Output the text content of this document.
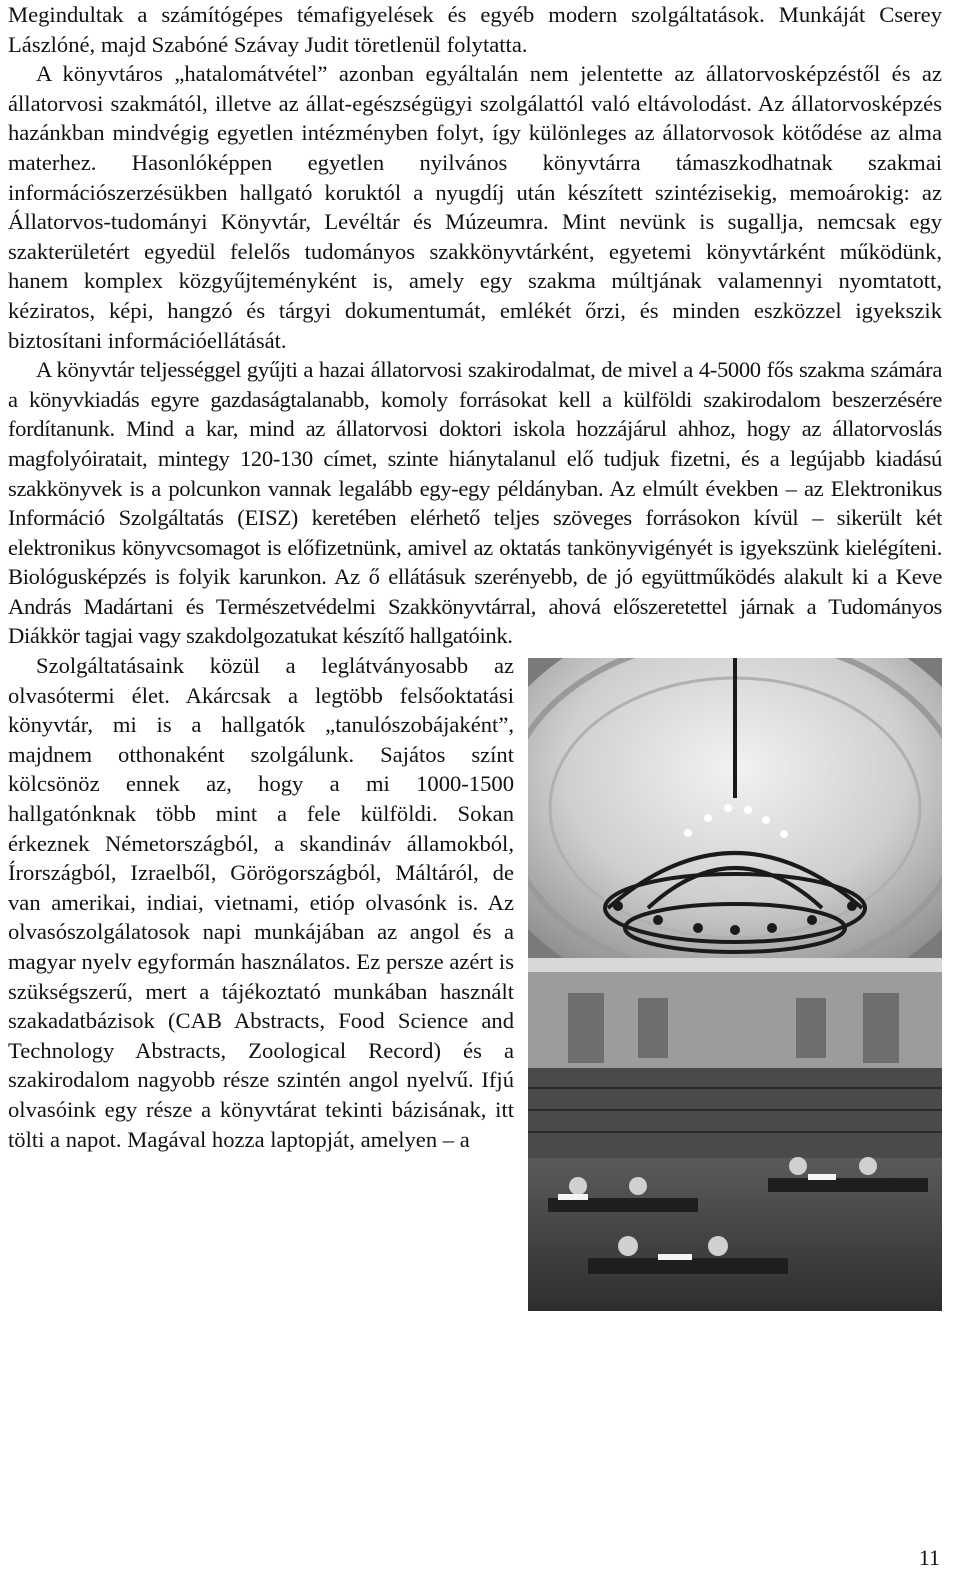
Megindultak a számítógépes témafigyelések és egyéb modern szolgáltatások. Munkáját Cserey Lászlóné, majd Szabóné Szávay Judit töretlenül folytatta.

A könyvtáros „hatalomátvétel” azonban egyáltalán nem jelentette az állatorvosképzéstől és az állatorvosi szakmától, illetve az állat-egészségügyi szolgálattól való eltávolodást. Az állatorvosképzés hazánkban mindvégig egyetlen intézményben folyt, így különleges az állatorvosok kötődése az alma materhez. Hasonlóképpen egyetlen nyilvános könyvtárra támaszkodhatnak szakmai információszerzésükben hallgató koruktól a nyugdíj után készített szintézisekig, memoárokig: az Állatorvos-tudományi Könyvtár, Levéltár és Múzeumra. Mint nevünk is sugallja, nemcsak egy szakterületért egyedül felelős tudományos szakkönyvtárként, egyetemi könyvtárként működünk, hanem komplex közgyűjteményként is, amely egy szakma múltjának valamennyi nyomtatott, kéziratos, képi, hangzó és tárgyi dokumentumát, emlékét őrzi, és minden eszközzel igyekszik biztosítani információellátását.

A könyvtár teljességgel gyűjti a hazai állatorvosi szakirodalmat, de mivel a 4-5000 fős szakma számára a könyvkiadás egyre gazdaságtalanabb, komoly forrásokat kell a külföldi szakirodalom beszerzésére fordítanunk. Mind a kar, mind az állatorvosi doktori iskola hozzájárul ahhoz, hogy az állatorvoslás magfolyóiratait, mintegy 120-130 címet, szinte hiánytalanul elő tudjuk fizetni, és a legújabb kiadású szakkönyvek is a polcunkon vannak legalább egy-egy példányban. Az elmúlt években – az Elektronikus Információ Szolgáltatás (EISZ) keretében elérhető teljes szöveges forrásokon kívül – sikerült két elektronikus könyvcsomagot is előfizetnünk, amivel az oktatás tankönyvigényét is igyekszünk kielégíteni. Biológusképzés is folyik karunkon. Az ő ellátásuk szerényebb, de jó együttműködés alakult ki a Keve András Madártani és Természetvédelmi Szakkönyvtárral, ahová előszeretettel járnak a Tudományos Diákkör tagjai vagy szakdolgozatukat készítő hallgatóink.

Szolgáltatásaink közül a leglátványosabb az olvasótermi élet. Akárcsak a legtöbb felsőoktatási könyvtár, mi is a hallgatók „tanulószobájaként”, majdnem otthonaként szolgálunk. Sajátos színt kölcsönöz ennek az, hogy a mi 1000-1500 hallgatónknak több mint a fele külföldi. Sokan érkeznek Németországból, a skandináv államokból, Írországból, Izraelből, Görögországból, Máltáról, de van amerikai, indiai, vietnami, etióp olvasónk is. Az olvasószolgálatosok napi munkájában az angol és a magyar nyelv egyformán használatos. Ez persze azért is szükségszerű, mert a tájékoztató munkában használt szakadatbázisok (CAB Abstracts, Food Science and Technology Abstracts, Zoological Record) és a szakirodalom nagyobb része szintén angol nyelvű. Ifjú olvasóink egy része a könyvtárat tekinti bázisának, itt tölti a napot. Magával hozza laptopját, amelyen – a

11
